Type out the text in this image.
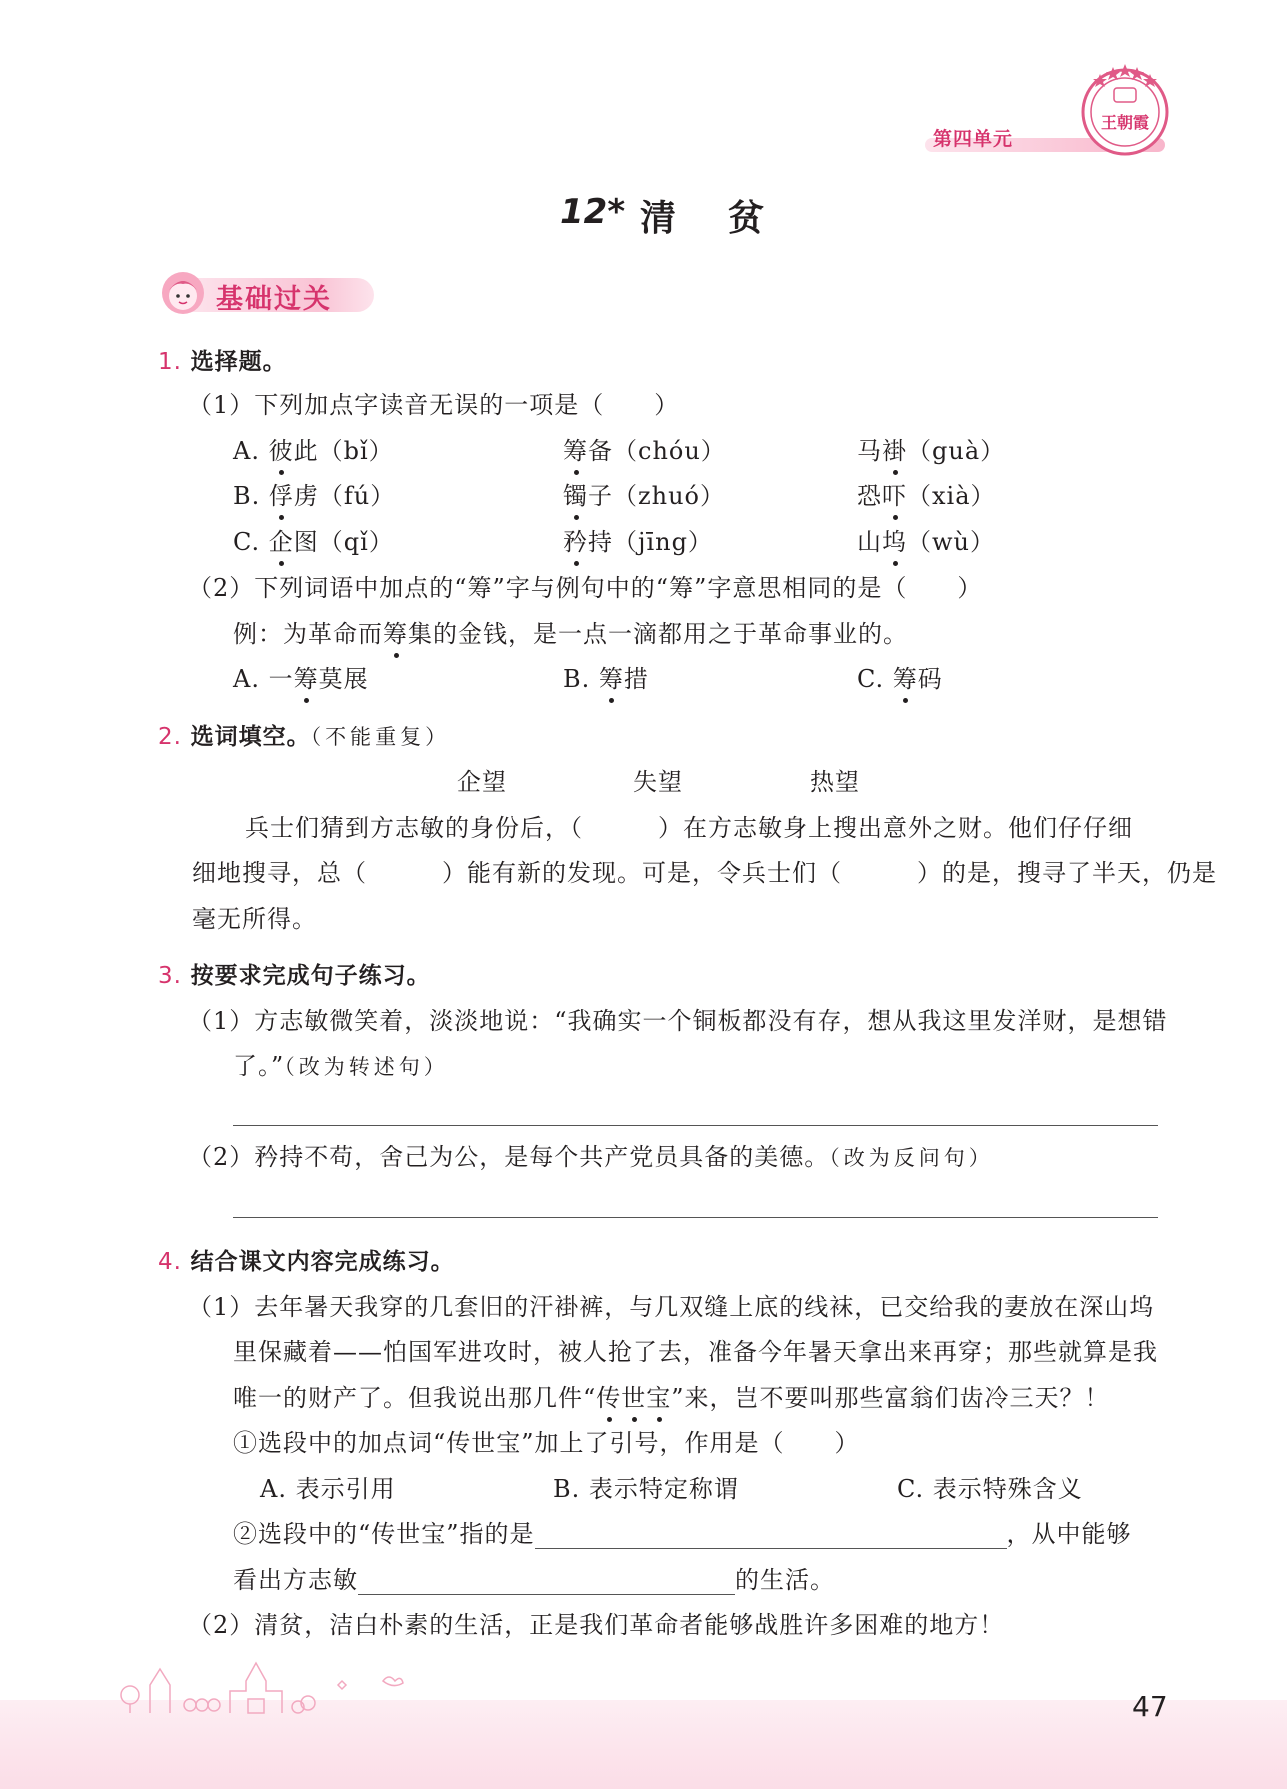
第四单元
王朝霞
12* 清　贫
基础过关
1. 选择题。
（1）下列加点字读音无误的一项是（　　）
A. 彼此（bǐ）	筹备（chóu）	马褂（guà）
B. 俘虏（fú）	镯子（zhuó）	恐吓（xià）
C. 企图（qǐ）	矜持（jīng）	山坞（wù）
（2）下列词语中加点的“筹”字与例句中的“筹”字意思相同的是（　　）
例：为革命而筹集的金钱，是一点一滴都用之于革命事业的。
A. 一筹莫展	B. 筹措	C. 筹码
2. 选词填空。（不能重复）
企望	失望	热望
兵士们猜到方志敏的身份后，（　　　）在方志敏身上搜出意外之财。他们仔仔细
细地搜寻，总（　　　）能有新的发现。可是，令兵士们（　　　）的是，搜寻了半天，仍是
毫无所得。
3. 按要求完成句子练习。
（1）方志敏微笑着，淡淡地说：“我确实一个铜板都没有存，想从我这里发洋财，是想错
了。”（改为转述句）
（2）矜持不苟，舍己为公，是每个共产党员具备的美德。（改为反问句）
4. 结合课文内容完成练习。
（1）去年暑天我穿的几套旧的汗褂裤，与几双缝上底的线袜，已交给我的妻放在深山坞
里保藏着——怕国军进攻时，被人抢了去，准备今年暑天拿出来再穿；那些就算是我
唯一的财产了。但我说出那几件“传世宝”来，岂不要叫那些富翁们齿冷三天？！
①选段中的加点词“传世宝”加上了引号，作用是（　　）
A. 表示引用	B. 表示特定称谓	C. 表示特殊含义
②选段中的“传世宝”指的是	，从中能够
看出方志敏	的生活。
（2）清贫，洁白朴素的生活，正是我们革命者能够战胜许多困难的地方！
47
